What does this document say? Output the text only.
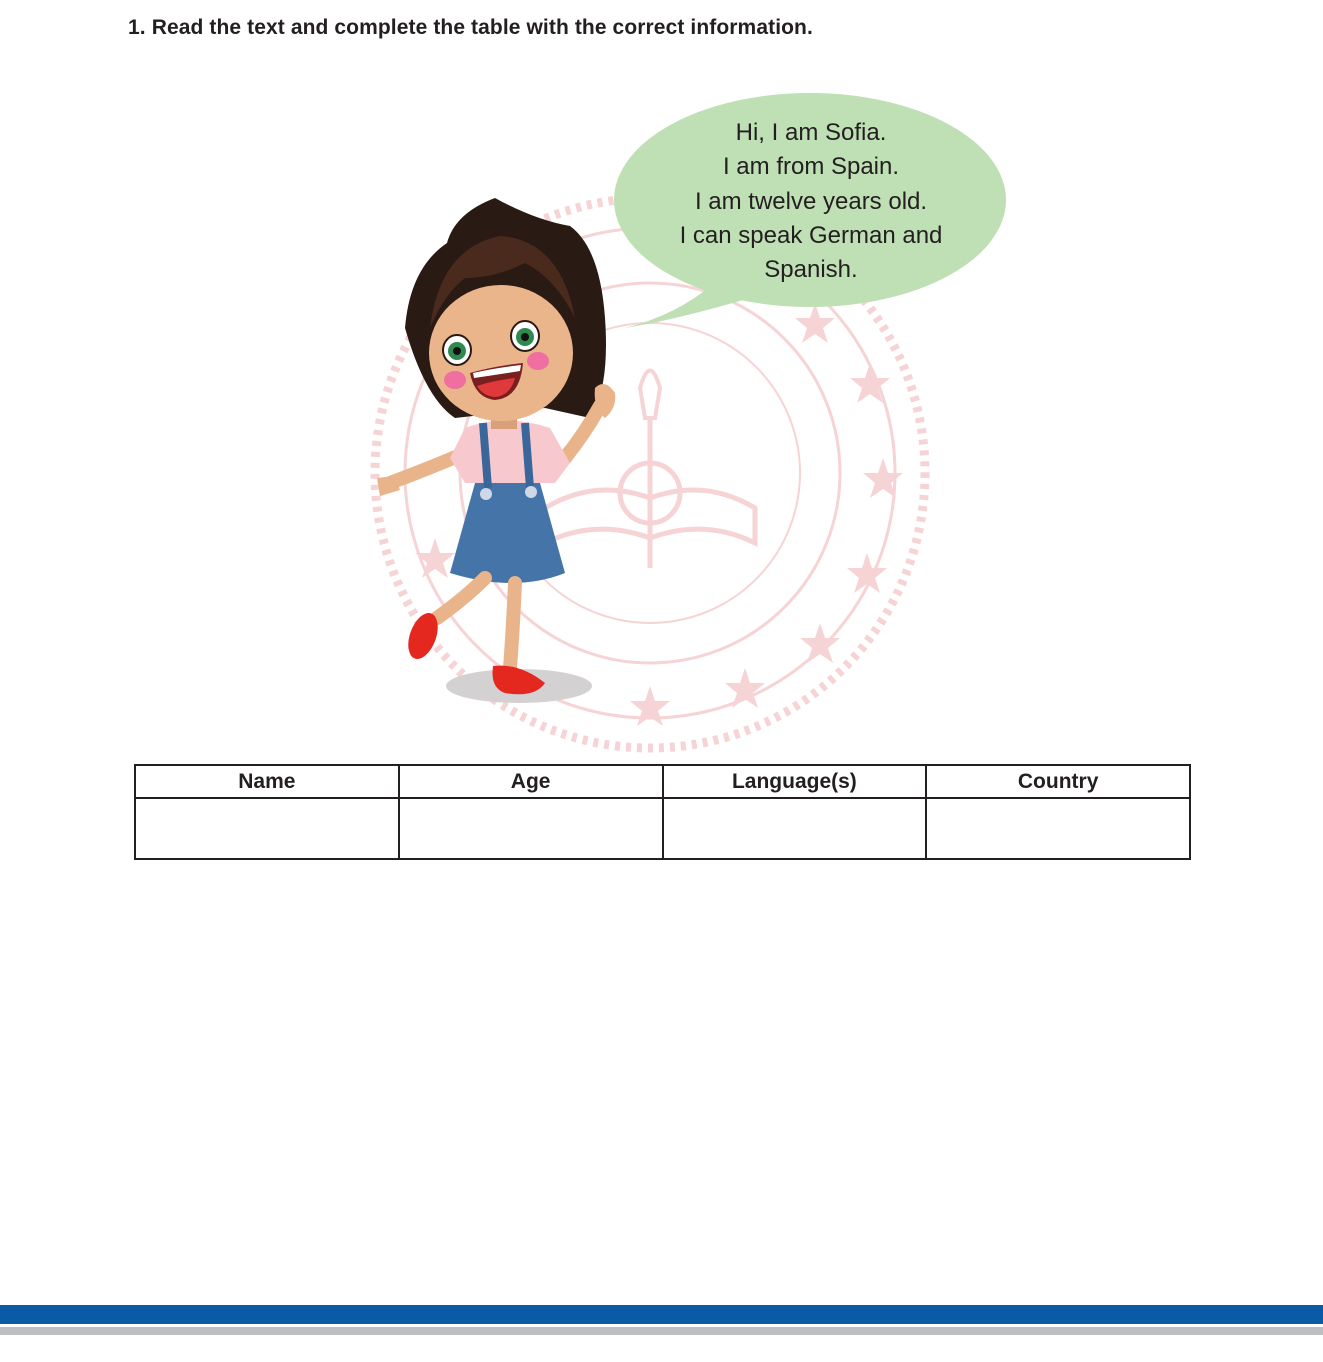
1. Read the text and complete the table with the correct information.
Hi, I am Sofia.
I am from Spain.
I am twelve years old.
I can speak German and
Spanish.
Name	Age	Language(s)	Country
